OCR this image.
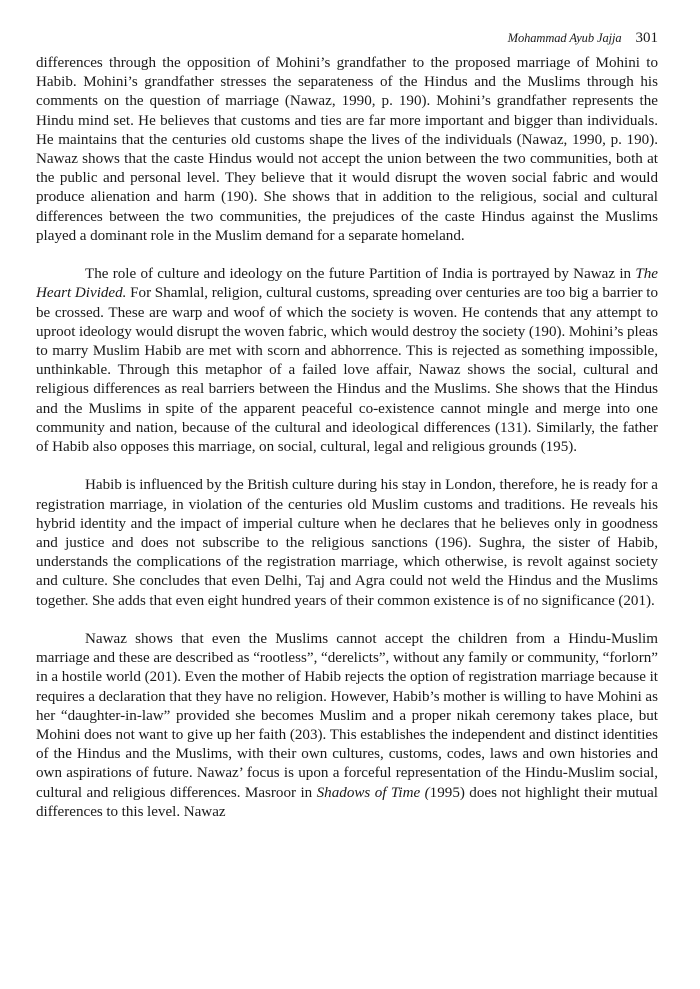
Mohammad Ayub Jajja 301

differences through the opposition of Mohini’s grandfather to the proposed marriage of Mohini to Habib. Mohini’s grandfather stresses the separateness of the Hindus and the Muslims through his comments on the question of marriage (Nawaz, 1990, p. 190). Mohini’s grandfather represents the Hindu mind set. He believes that customs and ties are far more important and bigger than individuals. He maintains that the centuries old customs shape the lives of the individuals (Nawaz, 1990, p. 190). Nawaz shows that the caste Hindus would not accept the union between the two communities, both at the public and personal level. They believe that it would disrupt the woven social fabric and would produce alienation and harm (190). She shows that in addition to the religious, social and cultural differences between the two communities, the prejudices of the caste Hindus against the Muslims played a dominant role in the Muslim demand for a separate homeland.

The role of culture and ideology on the future Partition of India is portrayed by Nawaz in The Heart Divided. For Shamlal, religion, cultural customs, spreading over centuries are too big a barrier to be crossed. These are warp and woof of which the society is woven. He contends that any attempt to uproot ideology would disrupt the woven fabric, which would destroy the society (190). Mohini’s pleas to marry Muslim Habib are met with scorn and abhorrence. This is rejected as something impossible, unthinkable. Through this metaphor of a failed love affair, Nawaz shows the social, cultural and religious differences as real barriers between the Hindus and the Muslims. She shows that the Hindus and the Muslims in spite of the apparent peaceful co-existence cannot mingle and merge into one community and nation, because of the cultural and ideological differences (131). Similarly, the father of Habib also opposes this marriage, on social, cultural, legal and religious grounds (195).

Habib is influenced by the British culture during his stay in London, therefore, he is ready for a registration marriage, in violation of the centuries old Muslim customs and traditions. He reveals his hybrid identity and the impact of imperial culture when he declares that he believes only in goodness and justice and does not subscribe to the religious sanctions (196). Sughra, the sister of Habib, understands the complications of the registration marriage, which otherwise, is revolt against society and culture. She concludes that even Delhi, Taj and Agra could not weld the Hindus and the Muslims together. She adds that even eight hundred years of their common existence is of no significance (201).

Nawaz shows that even the Muslims cannot accept the children from a Hindu-Muslim marriage and these are described as “rootless”, “derelicts”, without any family or community, “forlorn” in a hostile world (201). Even the mother of Habib rejects the option of registration marriage because it requires a declaration that they have no religion. However, Habib’s mother is willing to have Mohini as her “daughter-in-law” provided she becomes Muslim and a proper nikah ceremony takes place, but Mohini does not want to give up her faith (203). This establishes the independent and distinct identities of the Hindus and the Muslims, with their own cultures, customs, codes, laws and own histories and own aspirations of future. Nawaz’ focus is upon a forceful representation of the Hindu-Muslim social, cultural and religious differences. Masroor in Shadows of Time (1995) does not highlight their mutual differences to this level. Nawaz
